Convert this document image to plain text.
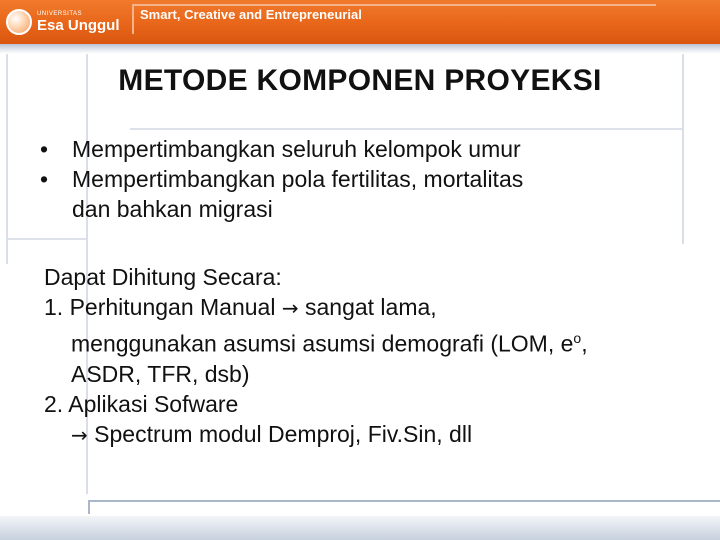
UNIVERSITAS
Esa Unggul
Smart, Creative and Entrepreneurial
METODE KOMPONEN PROYEKSI
• Mempertimbangkan seluruh kelompok umur
• Mempertimbangkan pola fertilitas, mortalitas
dan bahkan migrasi
Dapat Dihitung Secara:
1. Perhitungan Manual → sangat lama,
menggunakan asumsi asumsi demografi (LOM, $e^o$,
ASDR, TFR, dsb)
2. Aplikasi Sofware
→ Spectrum modul Demproj, Fiv.Sin, dll
